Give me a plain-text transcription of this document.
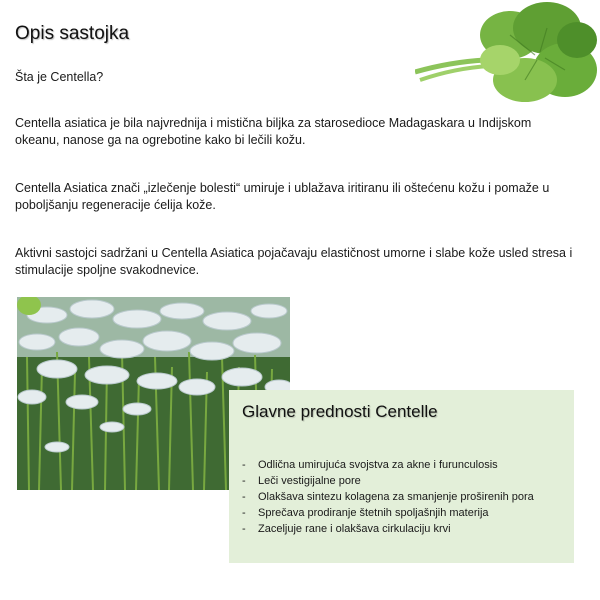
Opis sastojka

Šta je Centella?

Centella asiatica je bila najvrednija i mistična biljka za starosedioce Madagaskara u Indijskom okeanu, nanose ga na ogrebotine kako bi lečili kožu.

Centella Asiatica znači „izlečenje bolesti“ umiruje i ublažava iritiranu ili oštećenu kožu i pomaže u poboljšanju regeneracije ćelija kože.

Aktivni sastojci sadržani u Centella Asiatica pojačavaju elastičnost umorne i slabe kože usled stresa i stimulacije spoljne svakodnevice.

Glavne prednosti Centelle
-	Odlična umirujuća svojstva za akne i furunculosis
-	Leči vestigijalne pore
-	Olakšava sintezu kolagena za smanjenje proširenih pora
-	Sprečava prodiranje štetnih spoljašnjih materija
-	Zaceljuje rane i olakšava cirkulaciju krvi
